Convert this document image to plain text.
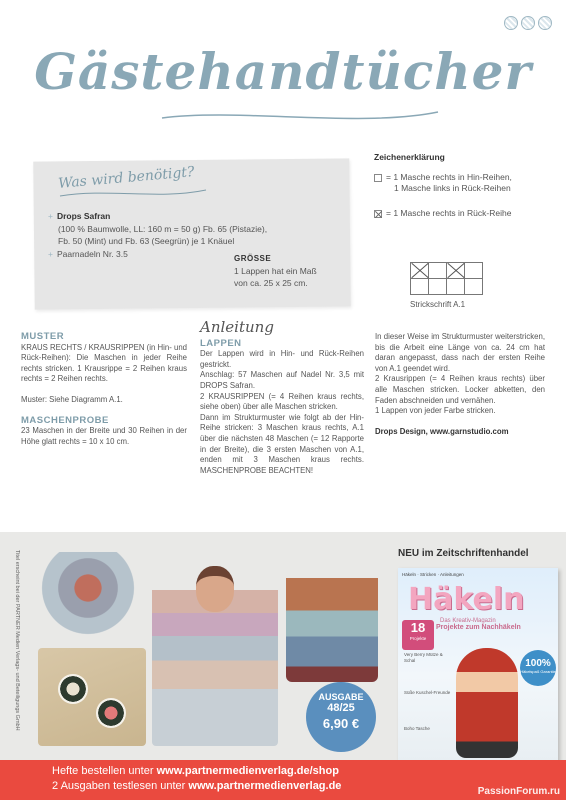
Gästehandtücher
Was wird benötigt?
+ Drops Safran
(100 % Baumwolle, LL: 160 m = 50 g) Fb. 65 (Pistazie),
Fb. 50 (Mint) und Fb. 63 (Seegrün) je 1 Knäuel
+ Paarnadeln Nr. 3.5	GRÖSSE

1 Lappen hat ein Maß

von ca. 25 x 25 cm.

Zeichenerklärung
= 1 Masche rechts in Hin-Reihen,
1 Masche links in Rück-Reihen
= 1 Masche rechts in Rück-Reihe
Strickschrift A.1
MUSTER

KRAUS RECHTS / KRAUSRIPPEN (in Hin- und Rück-Reihen): Die Maschen in jeder Reihe rechts stricken. 1 Krausrippe = 2 Reihen kraus rechts = 2 Reihen rechts.

Muster: Siehe Diagramm A.1.

MASCHENPROBE

23 Maschen in der Breite und 30 Reihen in der Höhe glatt rechts = 10 x 10 cm.

Anleitung
LAPPEN

Der Lappen wird in Hin- und Rück-Reihen gestrickt.

Anschlag: 57 Maschen auf Nadel Nr. 3,5 mit DROPS Safran.

2 KRAUSRIPPEN (= 4 Reihen kraus rechts, siehe oben) über alle Maschen stricken.

Dann im Strukturmuster wie folgt ab der Hin-Reihe stricken: 3 Maschen kraus rechts, A.1 über die nächsten 48 Maschen (= 12 Rapporte in der Breite), die 3 ersten Maschen von A.1, enden mit 3 Maschen kraus rechts. MASCHENPROBE BEACHTEN!

In dieser Weise im Strukturmuster weiterstricken, bis die Arbeit eine Länge von ca. 24 cm hat daran angepasst, dass nach der ersten Reihe von A.1 geendet wird.

2 Krausrippen (= 4 Reihen kraus rechts) über alle Maschen stricken. Locker abketten, den Faden abschneiden und vernähen.

1 Lappen von jeder Farbe stricken.

Drops Design, www.garnstudio.com

Titel erscheint bei der PARTNER Medien Verlags- und Beteiligungs GmbH	AUSGABE
48/25
6,90 €
NEU im Zeitschriftenhandel
Häkeln · Stricken · Anleitungen
Häkeln
Das Kreativ-Magazin
18
Projekte
Projekte zum Nachhäkeln
100%
Häkelspaß Garantie
Very Berry Mütze & Schal
Süße Kuschel-Freunde
Boho Tasche

Hefte bestellen unter www.partnermedienverlag.de/shop

2 Ausgaben testlesen unter www.partnermedienverlag.de	PassionForum.ru
